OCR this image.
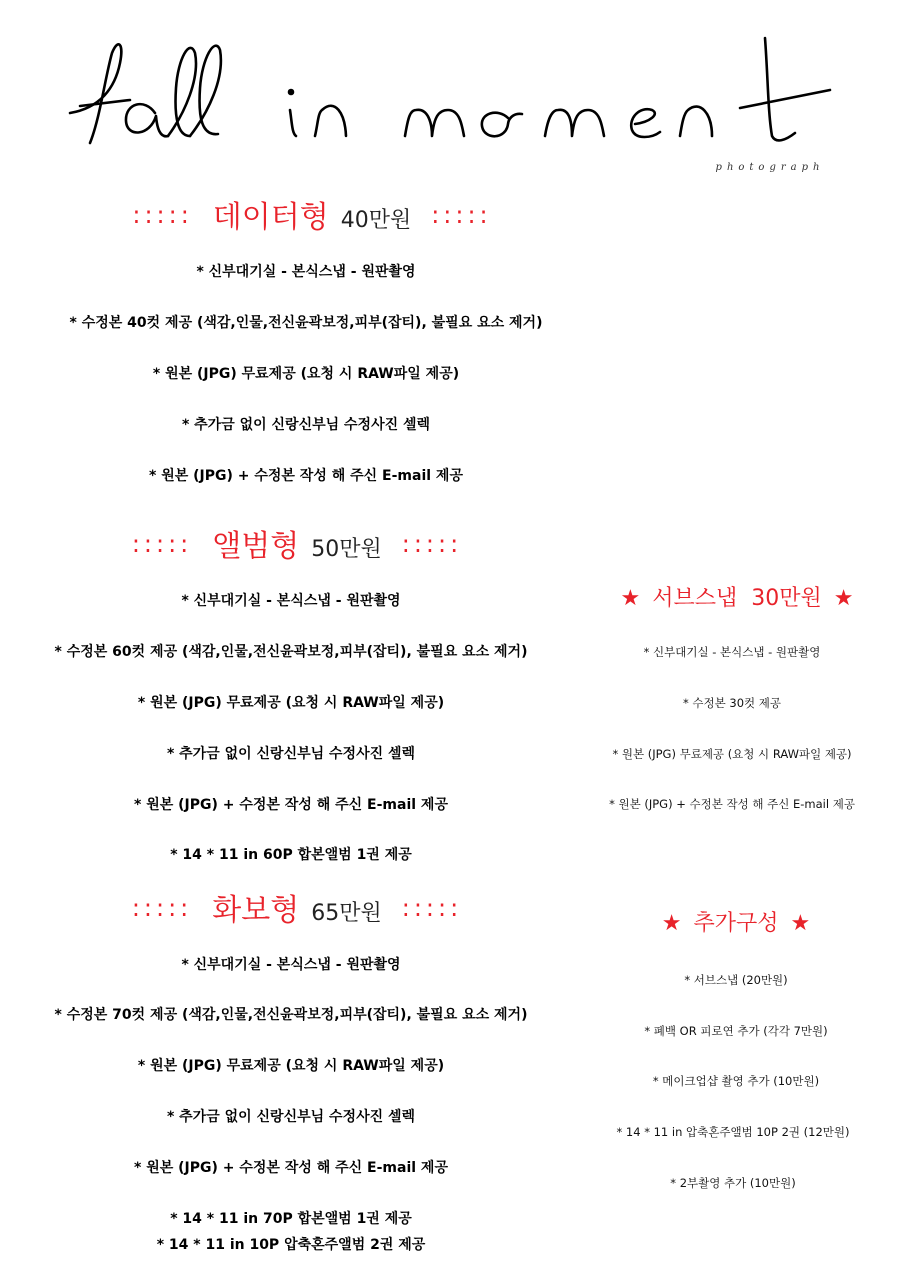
photograph
::::: 데이터형 40만원 :::::
* 신부대기실 - 본식스냅 - 원판촬영
* 수정본 40컷 제공 (색감,인물,전신윤곽보정,피부(잡티), 불필요 요소 제거)
* 원본 (JPG) 무료제공 (요청 시 RAW파일 제공)
* 추가금 없이 신랑신부님 수정사진 셀렉
* 원본 (JPG) + 수정본 작성 해 주신 E-mail 제공
::::: 앨범형 50만원 :::::
* 신부대기실 - 본식스냅 - 원판촬영
* 수정본 60컷 제공 (색감,인물,전신윤곽보정,피부(잡티), 불필요 요소 제거)
* 원본 (JPG) 무료제공 (요청 시 RAW파일 제공)
* 추가금 없이 신랑신부님 수정사진 셀렉
* 원본 (JPG) + 수정본 작성 해 주신 E-mail 제공
* 14 * 11 in 60P 합본앨범 1권 제공
::::: 화보형 65만원 :::::
* 신부대기실 - 본식스냅 - 원판촬영
* 수정본 70컷 제공 (색감,인물,전신윤곽보정,피부(잡티), 불필요 요소 제거)
* 원본 (JPG) 무료제공 (요청 시 RAW파일 제공)
* 추가금 없이 신랑신부님 수정사진 셀렉
* 원본 (JPG) + 수정본 작성 해 주신 E-mail 제공
* 14 * 11 in 70P 합본앨범 1권 제공
* 14 * 11 in 10P 압축혼주앨범 2권 제공
★ 서브스냅 30만원 ★
* 신부대기실 - 본식스냅 - 원판촬영
* 수정본 30컷 제공
* 원본 (JPG) 무료제공 (요청 시 RAW파일 제공)
* 원본 (JPG) + 수정본 작성 해 주신 E-mail 제공
★ 추가구성 ★
* 서브스냅 (20만원)
* 폐백 OR 피로연 추가 (각각 7만원)
* 메이크업샵 촬영 추가 (10만원)
* 14 * 11 in 압축혼주앨범 10P 2권 (12만원)
* 2부촬영 추가 (10만원)
